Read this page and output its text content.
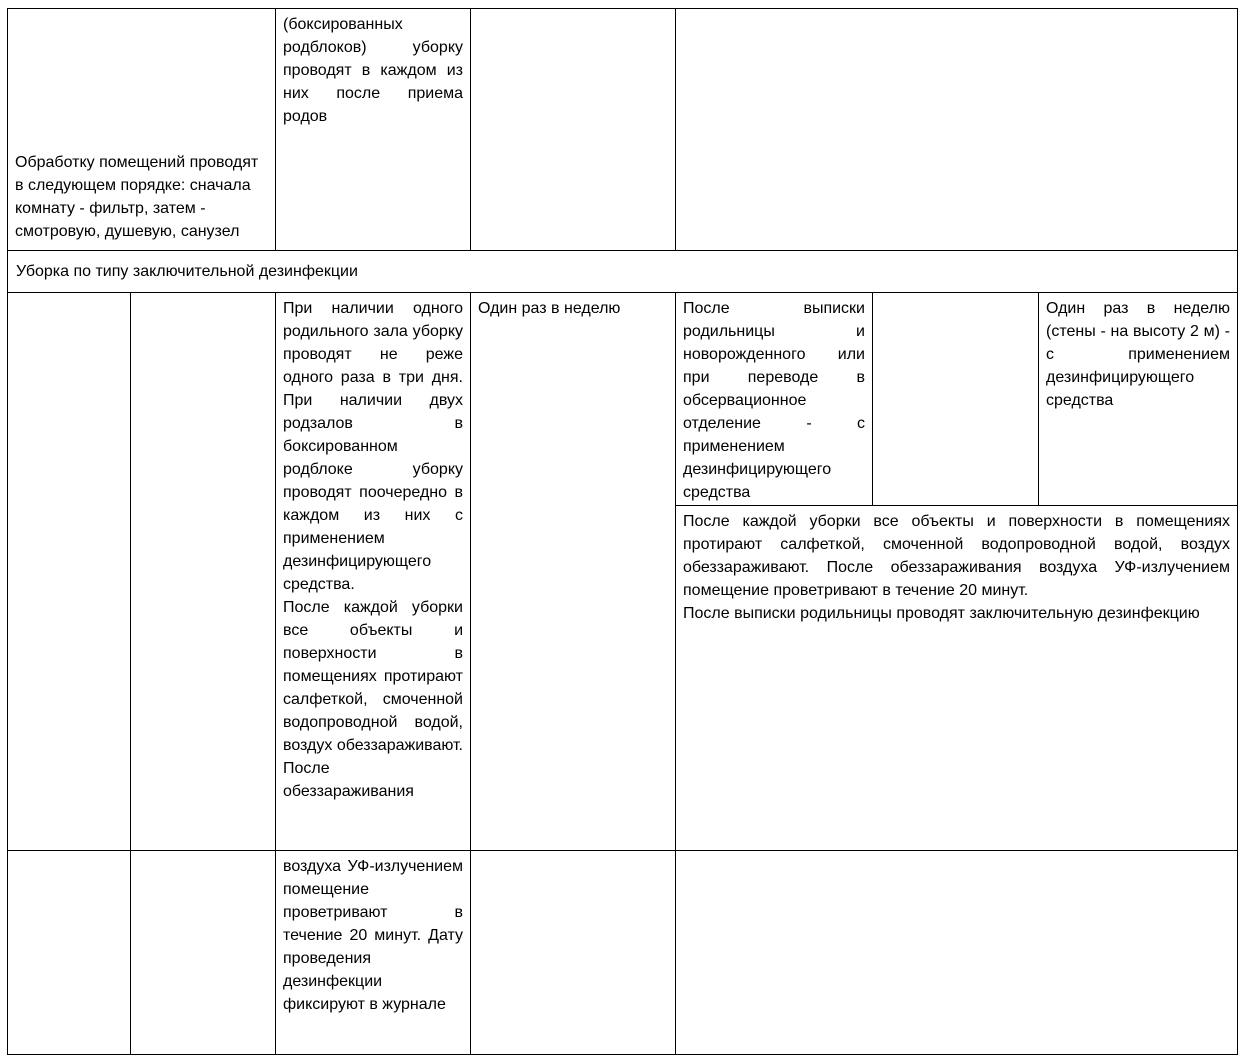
Обработку помещений проводят в следующем порядке: сначала комнату - фильтр, затем - смотровую, душевую, санузел

(боксированных родблоков) уборку проводят в каждом из них после приема родов

Уборка по типу заключительной дезинфекции

При наличии одного родильного зала уборку проводят не реже одного раза в три дня. При наличии двух родзалов в боксированном родблоке уборку проводят поочередно в каждом из них с применением дезинфицирующего средства.

После каждой уборки все объекты и поверхности в помещениях протирают салфеткой, смоченной водопроводной водой, воздух обеззараживают. После обеззараживания

Один раз в неделю	После выписки родильницы и новорожденного или при переводе в обсервационное отделение - с применением дезинфицирующего средства

Один раз в неделю (стены - на высоту 2 м) - с применением дезинфицирующего средства

После каждой уборки все объекты и поверхности в помещениях протирают салфеткой, смоченной водопроводной водой, воздух обеззараживают. После обеззараживания воздуха УФ-излучением помещение проветривают в течение 20 минут.

После выписки родильницы проводят заключительную дезинфекцию

воздуха УФ-излучением помещение проветривают в течение 20 минут. Дату проведения дезинфекции фиксируют в журнале
